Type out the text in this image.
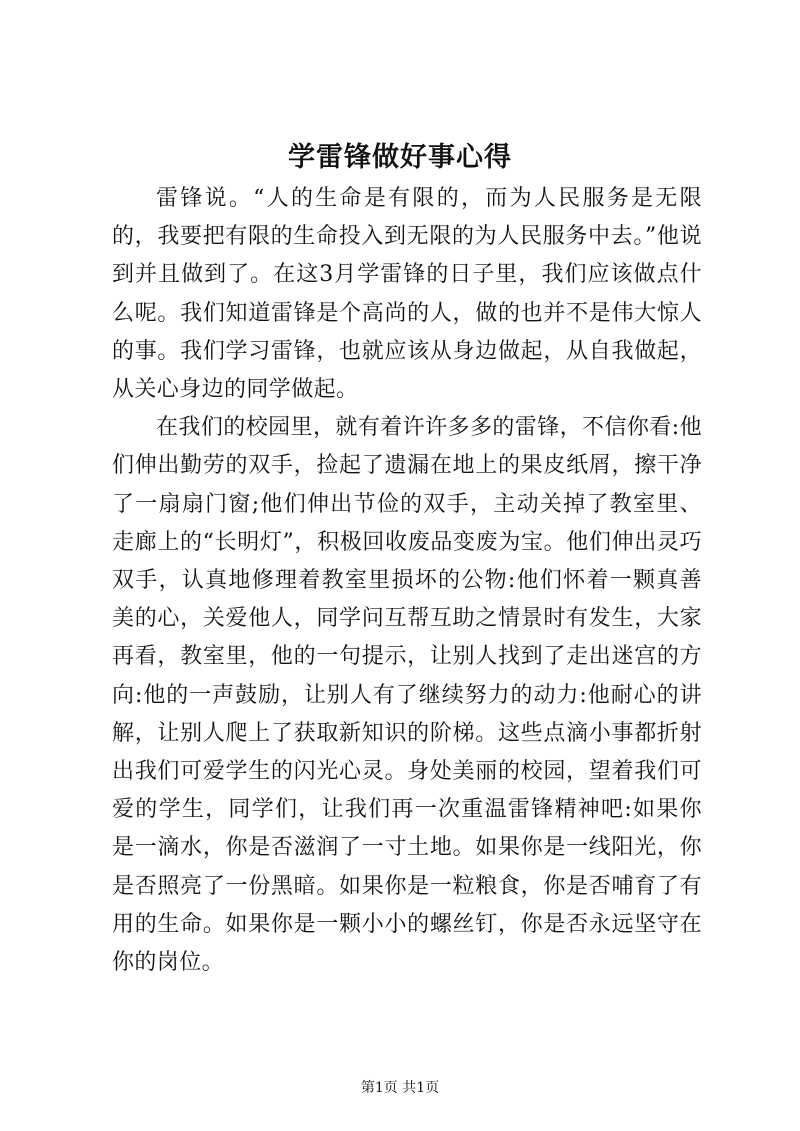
学雷锋做好事心得

雷锋说。“人的生命是有限的，而为人民服务是无限的，我要把有限的生命投入到无限的为人民服务中去。”他说到并且做到了。在这3月学雷锋的日子里，我们应该做点什么呢。我们知道雷锋是个高尚的人，做的也并不是伟大惊人的事。我们学习雷锋，也就应该从身边做起，从自我做起，从关心身边的同学做起。

在我们的校园里，就有着许许多多的雷锋，不信你看:他们伸出勤劳的双手，捡起了遗漏在地上的果皮纸屑，擦干净了一扇扇门窗;他们伸出节俭的双手，主动关掉了教室里、走廊上的“长明灯”，积极回收废品变废为宝。他们伸出灵巧双手，认真地修理着教室里损坏的公物:他们怀着一颗真善美的心，关爱他人，同学问互帮互助之情景时有发生，大家再看，教室里，他的一句提示，让别人找到了走出迷宫的方向:他的一声鼓励，让别人有了继续努力的动力:他耐心的讲解，让别人爬上了获取新知识的阶梯。这些点滴小事都折射出我们可爱学生的闪光心灵。身处美丽的校园，望着我们可爱的学生，同学们，让我们再一次重温雷锋精神吧:如果你是一滴水，你是否滋润了一寸土地。如果你是一线阳光，你是否照亮了一份黑暗。如果你是一粒粮食，你是否哺育了有用的生命。如果你是一颗小小的螺丝钉，你是否永远坚守在你的岗位。

第1页 共1页
